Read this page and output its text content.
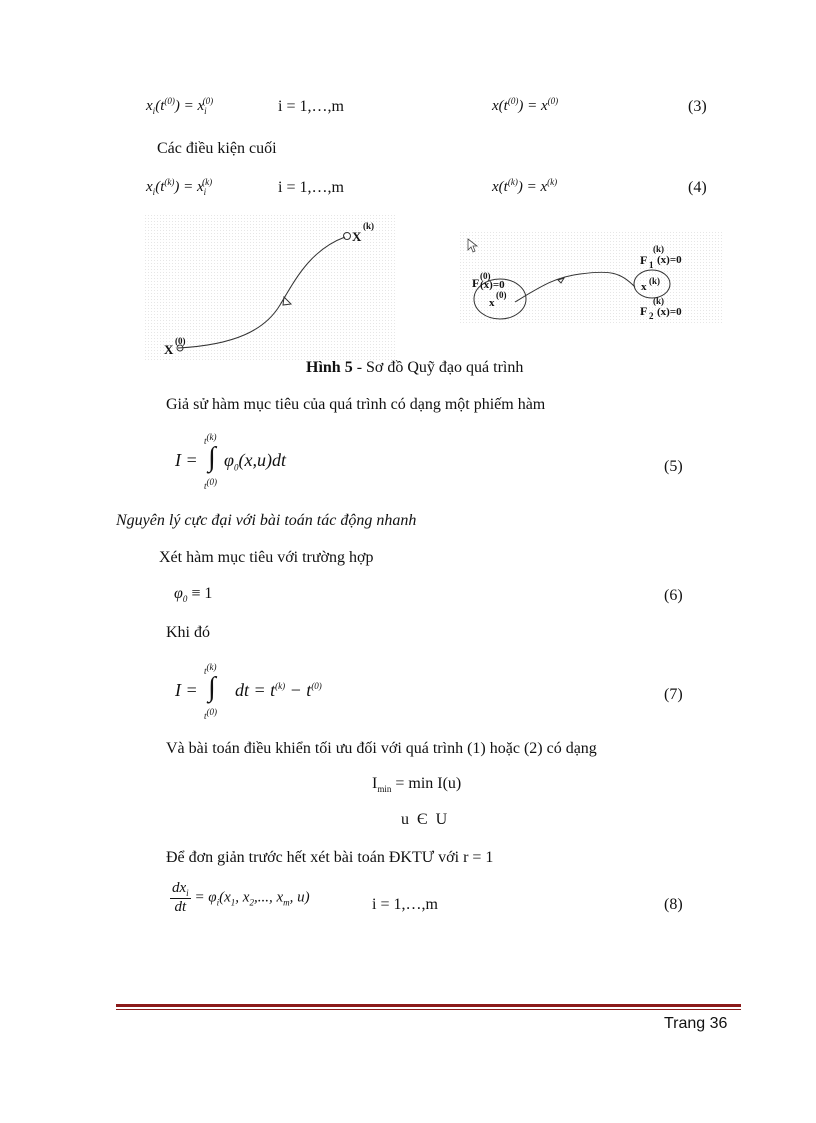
$x_i(t^{(0)}) = x_i^{(0)}$	i = 1,…,m	$x(t^{(0)}) = x^{(0)}$	(3)
Các điều kiện cuối
$x_i(t^{(k)}) = x_i^{(k)}$	i = 1,…,m	$x(t^{(k)}) = x^{(k)}$	(4)
X
(0)
X
(k)
F (0)
(x)=0
x
(0)
F 1
(k)
(x)=0
x (k)
F 2
(k)
(x)=0
Hình 5 - Sơ đồ Quỹ đạo quá trình
Giả sử hàm mục tiêu của quá trình có dạng một phiếm hàm
I =
$t^{(k)}$
∫
$t^{(0)}$
$\varphi_0(x,u)dt$	(5)
Nguyên lý cực đại với bài toán tác động nhanh
Xét hàm mục tiêu với trường hợp
$\varphi_0 \equiv 1$	(6)
Khi đó
I =
$t^{(k)}$
∫
$t^{(0)}$
dt = $t^{(k)} - t^{(0)}$	(7)
Và bài toán điều khiển tối ưu đối với quá trình (1) hoặc (2) có dạng
$I_{min} = \min I(u)$
u  Є  U
Để đơn giản trước hết xét bài toán ĐKTƯ với r = 1
$\frac{dx_i}{dt} = \varphi_i(x_1$, $x_2$,..., $x_m$, u)	i = 1,…,m	(8)
Trang 36
